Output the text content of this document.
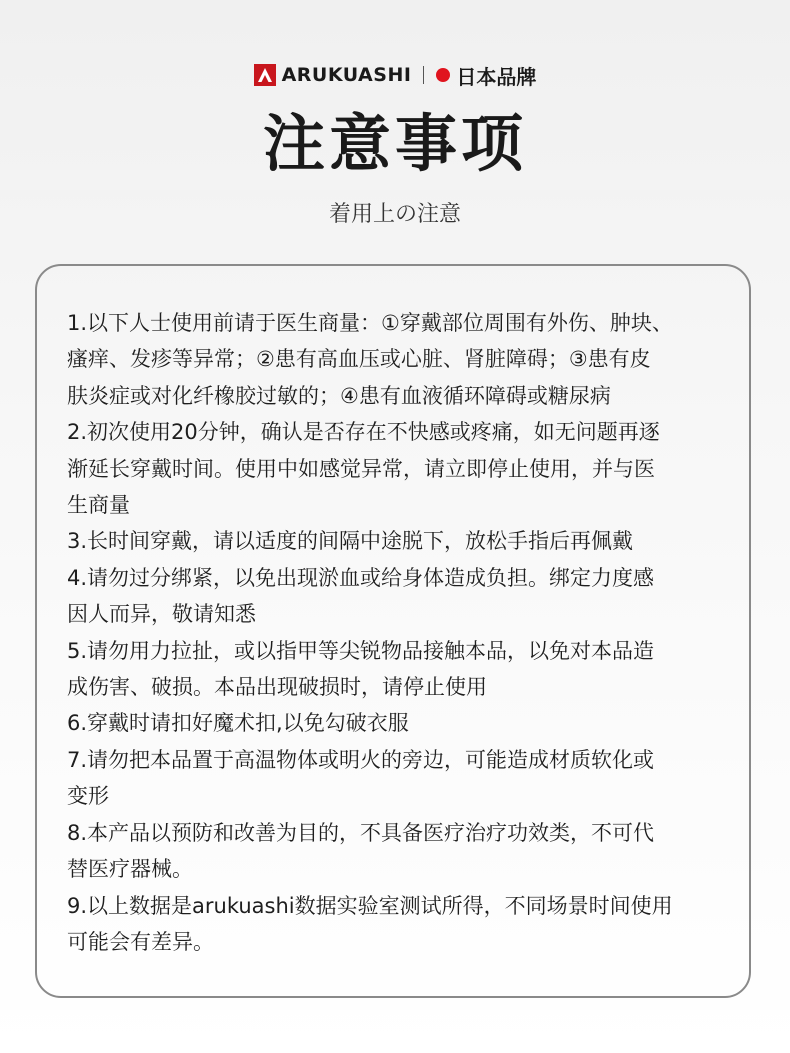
ARUKUASHI 日本品牌
注意事项
着用上の注意
1.以下人士使用前请于医生商量：①穿戴部位周围有外伤、肿块、
瘙痒、发疹等异常；②患有高血压或心脏、肾脏障碍；③患有皮
肤炎症或对化纤橡胶过敏的；④患有血液循环障碍或糖尿病
2.初次使用20分钟，确认是否存在不快感或疼痛，如无问题再逐
渐延长穿戴时间。使用中如感觉异常，请立即停止使用，并与医
生商量
3.长时间穿戴，请以适度的间隔中途脱下，放松手指后再佩戴
4.请勿过分绑紧，以免出现淤血或给身体造成负担。绑定力度感
因人而异，敬请知悉
5.请勿用力拉扯，或以指甲等尖锐物品接触本品，以免对本品造
成伤害、破损。本品出现破损时，请停止使用
6.穿戴时请扣好魔术扣,以免勾破衣服
7.请勿把本品置于高温物体或明火的旁边，可能造成材质软化或
变形
8.本产品以预防和改善为目的，不具备医疗治疗功效类，不可代
替医疗器械。
9.以上数据是arukuashi数据实验室测试所得，不同场景时间使用
可能会有差异。
